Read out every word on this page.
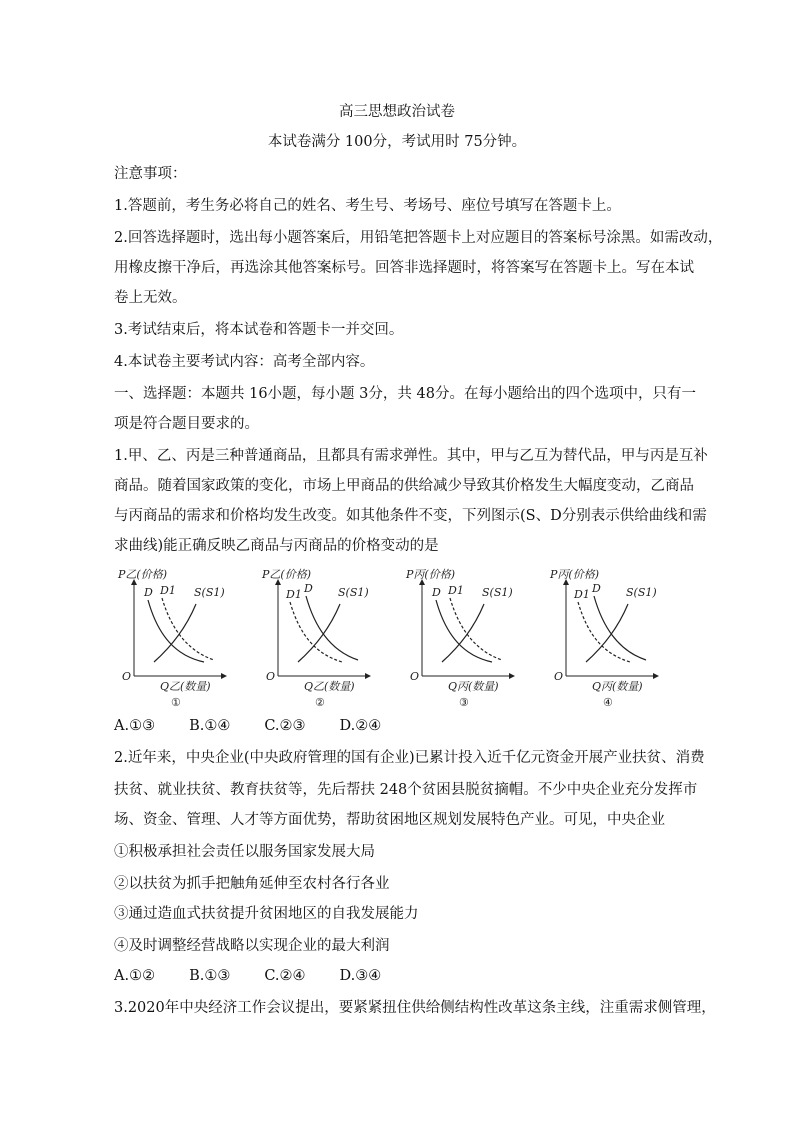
高三思想政治试卷
本试卷满分 100分，考试用时 75分钟。
注意事项：
1.答题前，考生务必将自己的姓名、考生号、考场号、座位号填写在答题卡上。
2.回答选择题时，选出每小题答案后，用铅笔把答题卡上对应题目的答案标号涂黑。如需改动，
用橡皮擦干净后，再选涂其他答案标号。回答非选择题时，将答案写在答题卡上。写在本试
卷上无效。
3.考试结束后，将本试卷和答题卡一并交回。
4.本试卷主要考试内容：高考全部内容。
一、选择题：本题共 16小题，每小题 3分，共 48分。在每小题给出的四个选项中，只有一
项是符合题目要求的。
1.甲、乙、丙是三种普通商品，且都具有需求弹性。其中，甲与乙互为替代品，甲与丙是互补
商品。随着国家政策的变化，市场上甲商品的供给减少导致其价格发生大幅度变动，乙商品
与丙商品的需求和价格均发生改变。如其他条件不变，下列图示(S、D分别表示供给曲线和需
求曲线)能正确反映乙商品与丙商品的价格变动的是
P乙(价格)
O
Q乙(数量)
①
D D1 S(S1)
P乙(价格)
O
Q乙(数量)
②
D
D1	S(S1)
P丙(价格)
O
Q丙(数量)
③
D D1 S(S1)
P丙(价格)
O
Q丙(数量)
④
D
D1	S(S1)
A.①③ B.①④ C.②③ D.②④
2.近年来，中央企业(中央政府管理的国有企业)已累计投入近千亿元资金开展产业扶贫、消费
扶贫、就业扶贫、教育扶贫等，先后帮扶 248个贫困县脱贫摘帽。不少中央企业充分发挥市
场、资金、管理、人才等方面优势，帮助贫困地区规划发展特色产业。可见，中央企业
①积极承担社会责任以服务国家发展大局
②以扶贫为抓手把触角延伸至农村各行各业
③通过造血式扶贫提升贫困地区的自我发展能力
④及时调整经营战略以实现企业的最大利润
A.①② B.①③ C.②④ D.③④
3.2020年中央经济工作会议提出，要紧紧扭住供给侧结构性改革这条主线，注重需求侧管理，
